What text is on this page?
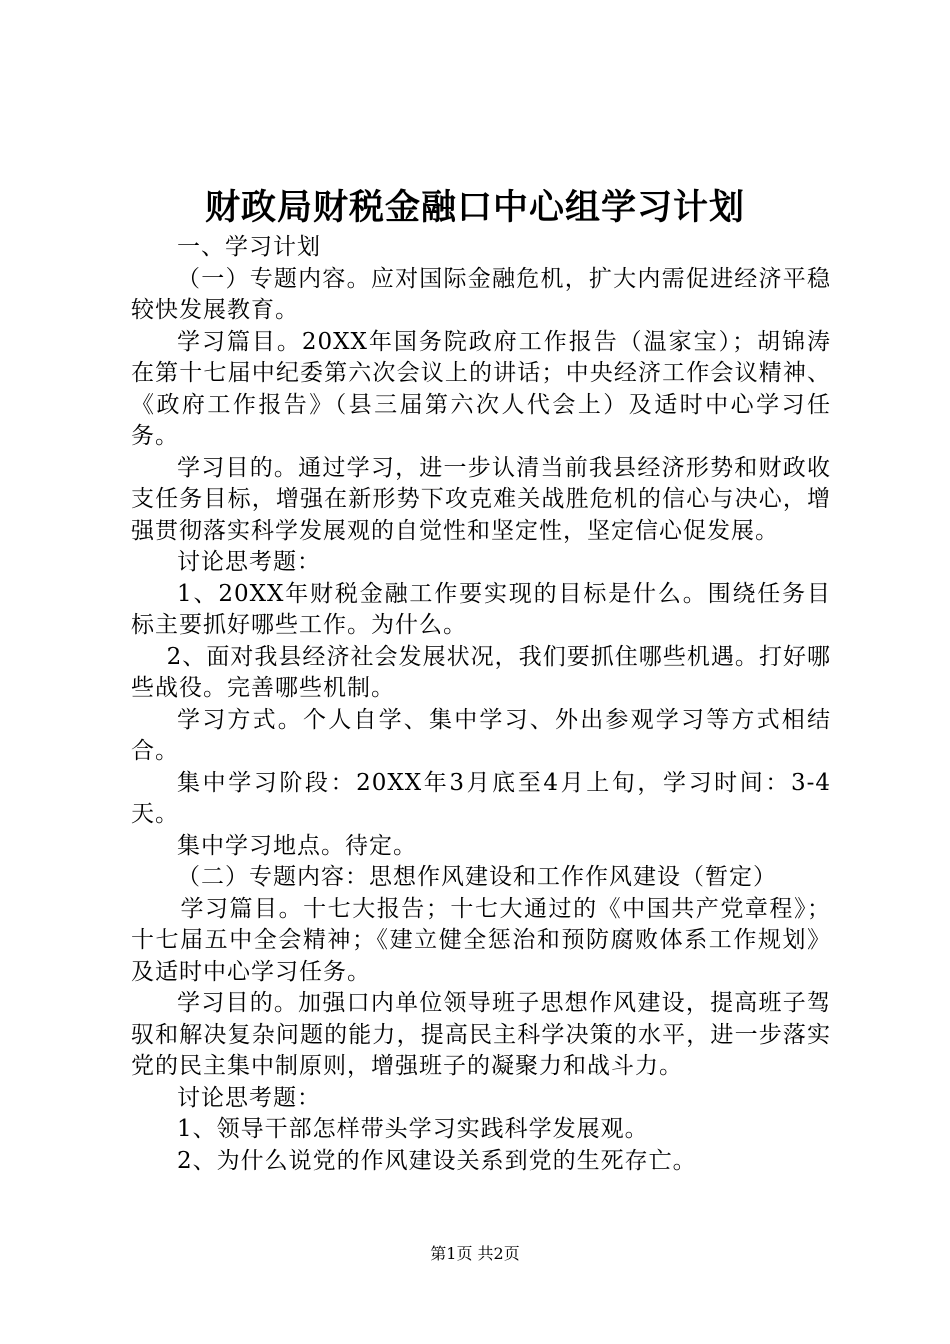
财政局财税金融口中心组学习计划

一、学习计划

（一）专题内容。应对国际金融危机，扩大内需促进经济平稳较快发展教育。

学习篇目。20XX年国务院政府工作报告（温家宝）；胡锦涛在第十七届中纪委第六次会议上的讲话；中央经济工作会议精神、《政府工作报告》（县三届第六次人代会上）及适时中心学习任务。

学习目的。通过学习，进一步认清当前我县经济形势和财政收支任务目标，增强在新形势下攻克难关战胜危机的信心与决心，增强贯彻落实科学发展观的自觉性和坚定性，坚定信心促发展。

讨论思考题：

1、20XX年财税金融工作要实现的目标是什么。围绕任务目标主要抓好哪些工作。为什么。

2、面对我县经济社会发展状况，我们要抓住哪些机遇。打好哪些战役。完善哪些机制。

学习方式。个人自学、集中学习、外出参观学习等方式相结合。

集中学习阶段：20XX年3月底至4月上旬，学习时间：3-4天。

集中学习地点。待定。

（二）专题内容：思想作风建设和工作作风建设（暂定）

学习篇目。十七大报告；十七大通过的《中国共产党章程》；十七届五中全会精神；《建立健全惩治和预防腐败体系工作规划》及适时中心学习任务。

学习目的。加强口内单位领导班子思想作风建设，提高班子驾驭和解决复杂问题的能力，提高民主科学决策的水平，进一步落实党的民主集中制原则，增强班子的凝聚力和战斗力。

讨论思考题：

1、领导干部怎样带头学习实践科学发展观。

2、为什么说党的作风建设关系到党的生死存亡。

第1页 共2页
